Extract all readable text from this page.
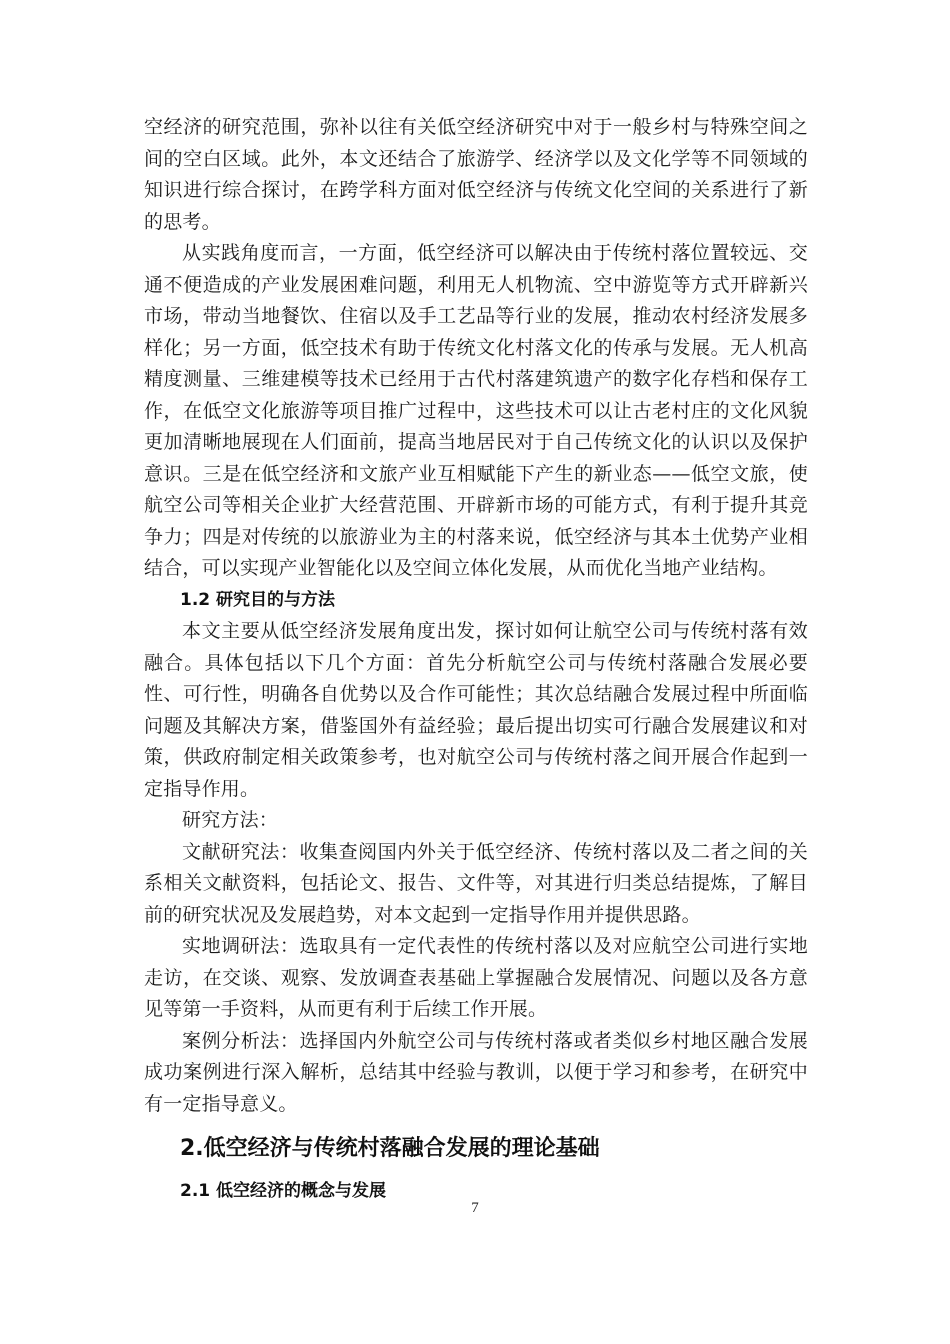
空经济的研究范围，弥补以往有关低空经济研究中对于一般乡村与特殊空间之间的空白区域。此外，本文还结合了旅游学、经济学以及文化学等不同领域的知识进行综合探讨，在跨学科方面对低空经济与传统文化空间的关系进行了新的思考。

从实践角度而言，一方面，低空经济可以解决由于传统村落位置较远、交通不便造成的产业发展困难问题，利用无人机物流、空中游览等方式开辟新兴市场，带动当地餐饮、住宿以及手工艺品等行业的发展，推动农村经济发展多样化；另一方面，低空技术有助于传统文化村落文化的传承与发展。无人机高精度测量、三维建模等技术已经用于古代村落建筑遗产的数字化存档和保存工作，在低空文化旅游等项目推广过程中，这些技术可以让古老村庄的文化风貌更加清晰地展现在人们面前，提高当地居民对于自己传统文化的认识以及保护意识。三是在低空经济和文旅产业互相赋能下产生的新业态——低空文旅，使航空公司等相关企业扩大经营范围、开辟新市场的可能方式，有利于提升其竞争力；四是对传统的以旅游业为主的村落来说，低空经济与其本土优势产业相结合，可以实现产业智能化以及空间立体化发展，从而优化当地产业结构。

1.2 研究目的与方法

本文主要从低空经济发展角度出发，探讨如何让航空公司与传统村落有效融合。具体包括以下几个方面：首先分析航空公司与传统村落融合发展必要性、可行性，明确各自优势以及合作可能性；其次总结融合发展过程中所面临问题及其解决方案，借鉴国外有益经验；最后提出切实可行融合发展建议和对策，供政府制定相关政策参考，也对航空公司与传统村落之间开展合作起到一定指导作用。

研究方法：

文献研究法：收集查阅国内外关于低空经济、传统村落以及二者之间的关系相关文献资料，包括论文、报告、文件等，对其进行归类总结提炼，了解目前的研究状况及发展趋势，对本文起到一定指导作用并提供思路。

实地调研法：选取具有一定代表性的传统村落以及对应航空公司进行实地走访，在交谈、观察、发放调查表基础上掌握融合发展情况、问题以及各方意见等第一手资料，从而更有利于后续工作开展。

案例分析法：选择国内外航空公司与传统村落或者类似乡村地区融合发展成功案例进行深入解析，总结其中经验与教训，以便于学习和参考，在研究中有一定指导意义。

2.低空经济与传统村落融合发展的理论基础
2.1 低空经济的概念与发展
7
